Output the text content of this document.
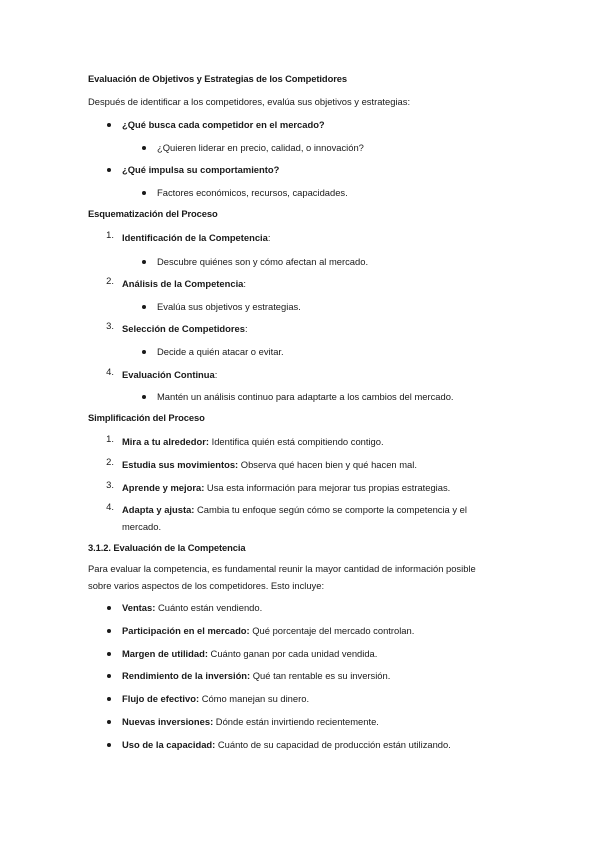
Evaluación de Objetivos y Estrategias de los Competidores
Después de identificar a los competidores, evalúa sus objetivos y estrategias:
¿Qué busca cada competidor en el mercado?
¿Quieren liderar en precio, calidad, o innovación?
¿Qué impulsa su comportamiento?
Factores económicos, recursos, capacidades.
Esquematización del Proceso
1. Identificación de la Competencia:
Descubre quiénes son y cómo afectan al mercado.
2. Análisis de la Competencia:
Evalúa sus objetivos y estrategias.
3. Selección de Competidores:
Decide a quién atacar o evitar.
4. Evaluación Continua:
Mantén un análisis continuo para adaptarte a los cambios del mercado.
Simplificación del Proceso
1. Mira a tu alrededor: Identifica quién está compitiendo contigo.
2. Estudia sus movimientos: Observa qué hacen bien y qué hacen mal.
3. Aprende y mejora: Usa esta información para mejorar tus propias estrategias.
4. Adapta y ajusta: Cambia tu enfoque según cómo se comporte la competencia y el mercado.
3.1.2. Evaluación de la Competencia
Para evaluar la competencia, es fundamental reunir la mayor cantidad de información posible sobre varios aspectos de los competidores. Esto incluye:
Ventas: Cuánto están vendiendo.
Participación en el mercado: Qué porcentaje del mercado controlan.
Margen de utilidad: Cuánto ganan por cada unidad vendida.
Rendimiento de la inversión: Qué tan rentable es su inversión.
Flujo de efectivo: Cómo manejan su dinero.
Nuevas inversiones: Dónde están invirtiendo recientemente.
Uso de la capacidad: Cuánto de su capacidad de producción están utilizando.
